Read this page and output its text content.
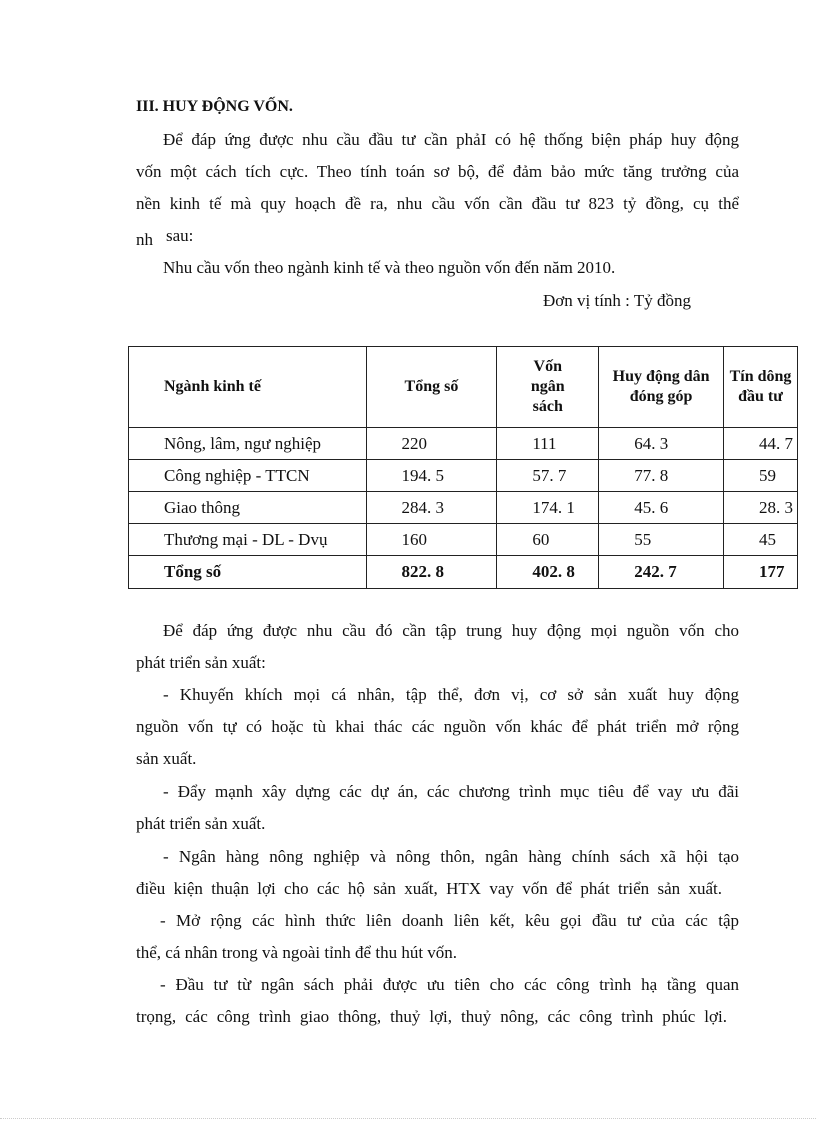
III. HUY ĐỘNG VỐN.
Để đáp ứng được nhu cầu đầu tư cần phảI có hệ thống biện pháp huy động
vốn một cách tích cực. Theo tính toán sơ bộ, để đảm bảo mức tăng trưởng của
nền kinh tế mà quy hoạch đề ra, nhu cầu vốn cần đầu tư 823 tỷ đồng, cụ thể
nh sau:
Nhu cầu vốn theo ngành kinh tế và theo nguồn vốn đến năm 2010.
Đơn vị tính : Tỷ đồng
Ngành kinh tế	Tổng số	Vốn
ngân
sách	Huy động dân
đóng góp	Tín dông
đầu tư
Nông, lâm, ngư nghiệp	220	111	64. 3	44. 7
Công nghiệp - TTCN	194. 5	57. 7	77. 8	59
Giao thông	284. 3	174. 1	45. 6	28. 3
Thương mại - DL - Dvụ	160	60	55	45
Tổng số	822. 8	402. 8	242. 7	177
Để đáp ứng được nhu cầu đó cần tập trung huy động mọi nguồn vốn cho
phát triển sản xuất:
- Khuyến khích mọi cá nhân, tập thể, đơn vị, cơ sở sản xuất huy động
nguồn vốn tự có hoặc tù khai thác các nguồn vốn khác để phát triển mở rộng
sản xuất.
- Đẩy mạnh xây dựng các dự án, các chương trình mục tiêu để vay ưu đãi
phát triển sản xuất.
- Ngân hàng nông nghiệp và nông thôn, ngân hàng chính sách xã hội tạo
điều kiện thuận lợi cho các hộ sản xuất, HTX vay vốn để phát triển sản xuất.
- Mở rộng các hình thức liên doanh liên kết, kêu gọi đầu tư của các tập
thể, cá nhân trong và ngoài tỉnh để thu hút vốn.
- Đầu tư từ ngân sách phải được ưu tiên cho các công trình hạ tầng quan
trọng, các công trình giao thông, thuỷ lợi, thuỷ nông, các công trình phúc lợi.
